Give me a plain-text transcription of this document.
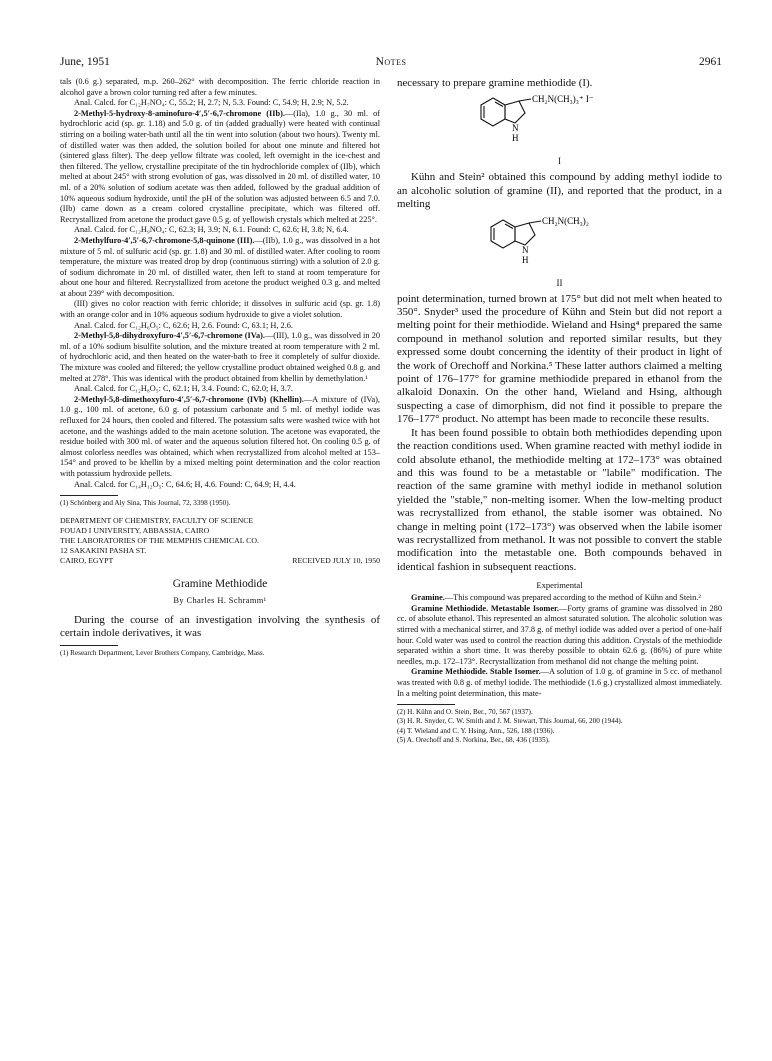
June, 1951	Notes	2961

tals (0.6 g.) separated, m.p. 260–262° with decomposition. The ferric chloride reaction in alcohol gave a brown color turning red after a few minutes.

Anal. Calcd. for C₁₂H₇NO₄: C, 55.2; H, 2.7; N, 5.3. Found: C, 54.9; H, 2.9; N, 5.2.

2-Methyl-5-hydroxy-8-aminofuro-4′,5′-6,7-chromone (IIb).—(IIa), 1.0 g., 30 ml. of hydrochloric acid (sp. gr. 1.18) and 5.0 g. of tin (added gradually) were heated with continual stirring on a boiling water-bath until all the tin went into solution (about two hours). Twenty ml. of distilled water was then added, the solution boiled for about one minute and filtered hot (sintered glass filter). The deep yellow filtrate was cooled, left overnight in the ice-chest and then filtered. The yellow, crystalline precipitate of the tin hydrochloride complex of (IIb), which melted at about 245° with strong evolution of gas, was dissolved in 20 ml. of distilled water, 10 ml. of a 20% solution of sodium acetate was then added, followed by the gradual addition of 10% aqueous sodium hydroxide, until the pH of the solution was adjusted between 6.5 and 7.0. (IIb) came down as a cream colored crystalline precipitate, which was filtered off. Recrystallized from acetone the product gave 0.5 g. of yellowish crystals which melted at 225°.

Anal. Calcd. for C₁₂H₉NO₄: C, 62.3; H, 3.9; N, 6.1. Found: C, 62.6; H, 3.8; N, 6.4.

2-Methylfuro-4′,5′-6,7-chromone-5,8-quinone (III).—(IIb), 1.0 g., was dissolved in a hot mixture of 5 ml. of sulfuric acid (sp. gr. 1.8) and 30 ml. of distilled water. After cooling to room temperature, the mixture was treated drop by drop (continuous stirring) with a solution of 2.0 g. of sodium dichromate in 20 ml. of distilled water, then left to stand at room temperature for about one hour and filtered. Recrystallized from acetone the product weighed 0.3 g. and melted at about 239° with decomposition.

(III) gives no color reaction with ferric chloride; it dissolves in sulfuric acid (sp. gr. 1.8) with an orange color and in 10% aqueous sodium hydroxide to give a violet solution.

Anal. Calcd. for C₁₂H₆O₅: C, 62.6; H, 2.6. Found: C, 63.1; H, 2.6.

2-Methyl-5,8-dihydroxyfuro-4′,5′-6,7-chromone (IVa).—(III), 1.0 g., was dissolved in 20 ml. of a 10% sodium bisulfite solution, and the mixture treated at room temperature with 2 ml. of hydrochloric acid, and then heated on the water-bath to free it completely of sulfur dioxide. The mixture was cooled and filtered; the yellow crystalline product obtained weighed 0.8 g. and melted at 278°. This was identical with the product obtained from khellin by demethylation.¹

Anal. Calcd. for C₁₂H₈O₅: C, 62.1; H, 3.4. Found: C, 62.0; H, 3.7.

2-Methyl-5,8-dimethoxyfuro-4′,5′-6,7-chromone (IVb) (Khellin).—A mixture of (IVa), 1.0 g., 100 ml. of acetone, 6.0 g. of potassium carbonate and 5 ml. of methyl iodide was refluxed for 24 hours, then cooled and filtered. The potassium salts were washed twice with hot acetone, and the washings added to the main acetone solution. The acetone was evaporated, the residue boiled with 300 ml. of water and the aqueous solution filtered hot. On cooling 0.5 g. of almost colorless needles was obtained, which when recrystallized from alcohol melted at 153–154° and proved to be khellin by a mixed melting point determination and the color reaction with potassium hydroxide pellets.

Anal. Calcd. for C₁₄H₁₂O₅: C, 64.6; H, 4.6. Found: C, 64.9; H, 4.4.

(1) Schönberg and Aly Sina, This Journal, 72, 3398 (1950).

DEPARTMENT OF CHEMISTRY, FACULTY OF SCIENCE
FOUAD I UNIVERSITY, ABBASSIA, CAIRO
THE LABORATORIES OF THE MEMPHIS CHEMICAL CO.
12 SAKAKINI PASHA ST.
CAIRO, EGYPT	RECEIVED JULY 10, 1950
Gramine Methiodide
By Charles H. Schramm¹

During the course of an investigation involving the synthesis of certain indole derivatives, it was

(1) Research Department, Lever Brothers Company, Cambridge, Mass.

necessary to prepare gramine methiodide (I).

CH₂N(CH₃)₃⁺ I⁻
N
H
I

Kühn and Stein² obtained this compound by adding methyl iodide to an alcoholic solution of gramine (II), and reported that the product, in a melting

CH₂N(CH₃)₂
N
H
II

point determination, turned brown at 175° but did not melt when heated to 350°. Snyder³ used the procedure of Kühn and Stein but did not report a melting point for their methiodide. Wieland and Hsing⁴ prepared the same compound in methanol solution and reported similar results, but they expressed some doubt concerning the identity of their product in light of the work of Orechoff and Norkina.⁵ These latter authors claimed a melting point of 176–177° for gramine methiodide prepared in ethanol from the alkaloid Donaxin. On the other hand, Wieland and Hsing, although suspecting a case of dimorphism, did not find it possible to prepare the 176–177° product. No attempt has been made to reconcile these results.

It has been found possible to obtain both methiodides depending upon the reaction conditions used. When gramine reacted with methyl iodide in cold absolute ethanol, the methiodide melting at 172–173° was obtained and this was found to be a metastable or "labile" modification. The reaction of the same gramine with methyl iodide in methanol solution yielded the "stable," non-melting isomer. When the low-melting product was recrystallized from ethanol, the stable isomer was obtained. No change in melting point (172–173°) was observed when the labile isomer was recrystallized from methanol. It was not possible to convert the stable modification into the metastable one. Both compounds behaved in identical fashion in subsequent reactions.

Experimental

Gramine.—This compound was prepared according to the method of Kühn and Stein.²

Gramine Methiodide. Metastable Isomer.—Forty grams of gramine was dissolved in 280 cc. of absolute ethanol. This represented an almost saturated solution. The alcoholic solution was stirred with a mechanical stirrer, and 37.8 g. of methyl iodide was added over a period of one-half hour. Cold water was used to control the reaction during this addition. Crystals of the methiodide separated within a short time. It was thereby possible to obtain 62.6 g. (86%) of pure white needles, m.p. 172–173°. Recrystallization from methanol did not change the melting point.

Gramine Methiodide. Stable Isomer.—A solution of 1.0 g. of gramine in 5 cc. of methanol was treated with 0.8 g. of methyl iodide. The methiodide (1.6 g.) crystallized almost immediately. In a melting point determination, this mate-

(2) H. Kühn and O. Stein, Ber., 70, 567 (1937).

(3) H. R. Snyder, C. W. Smith and J. M. Stewart, This Journal, 66, 200 (1944).

(4) T. Wieland and C. Y. Hsing, Ann., 526, 188 (1936).

(5) A. Orechoff and S. Norkina, Ber., 68, 436 (1935).
